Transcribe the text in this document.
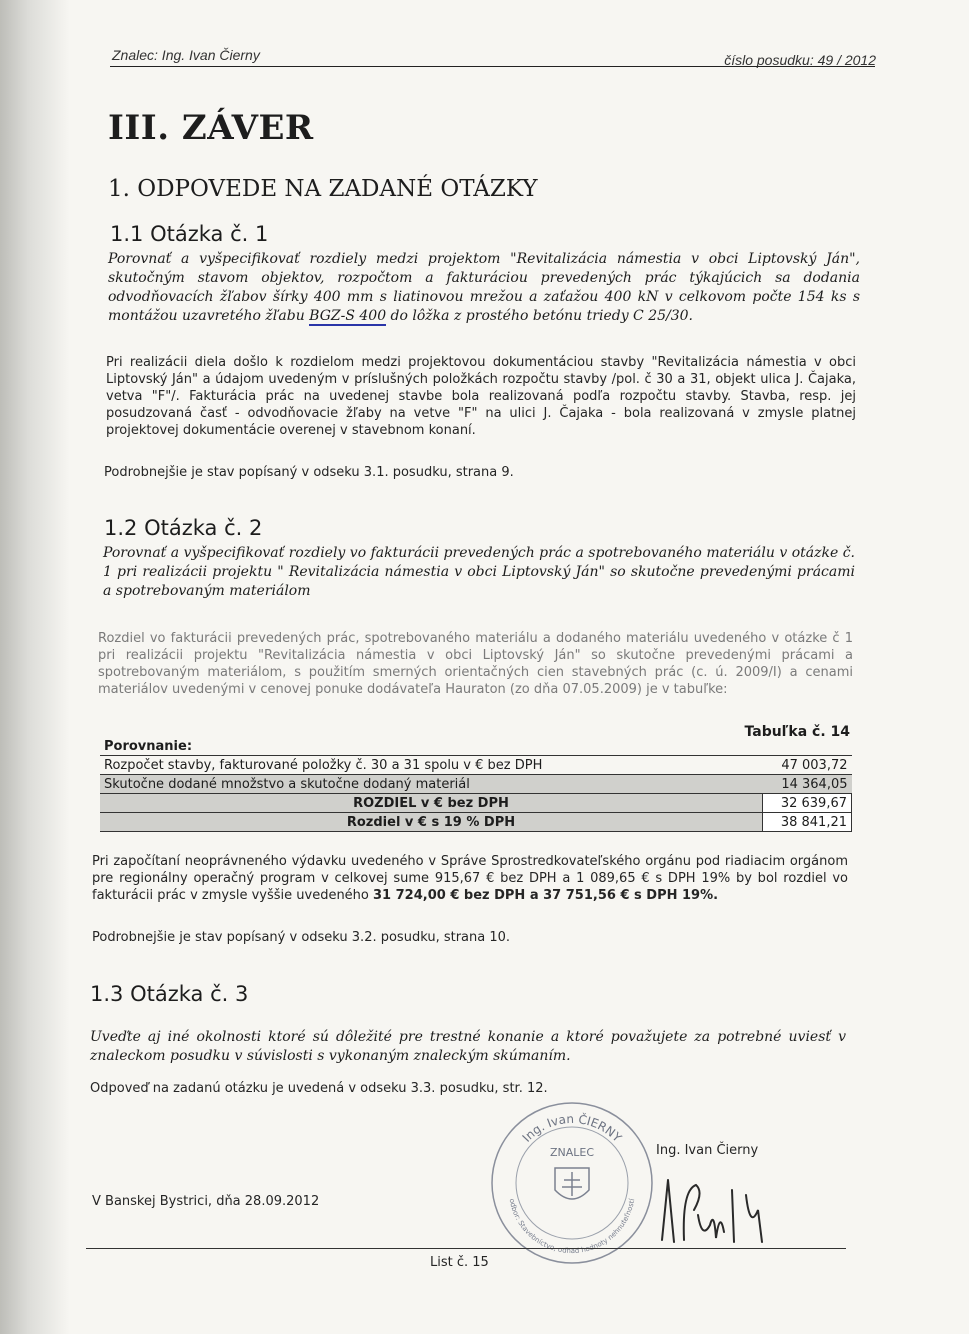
Znalec: Ing. Ivan Čierny	číslo posudku: 49 / 2012
III. ZÁVER
1. ODPOVEDE NA ZADANÉ OTÁZKY
1.1 Otázka č. 1
Porovnať a vyšpecifikovať rozdiely medzi projektom "Revitalizácia námestia v obci Liptovský Ján", skutočným stavom objektov, rozpočtom a fakturáciou prevedených prác týkajúcich sa dodania odvodňovacích žľabov šírky 400 mm s liatinovou mrežou a zaťažou 400 kN v celkovom počte 154 ks s montážou uzavretého žľabu BGZ-S 400 do lôžka z prostého betónu triedy C 25/30.
Pri realizácii diela došlo k rozdielom medzi projektovou dokumentáciou stavby "Revitalizácia námestia v obci Liptovský Ján" a údajom uvedeným v príslušných položkách rozpočtu stavby /pol. č 30 a 31, objekt ulica J. Čajaka, vetva "F"/. Fakturácia prác na uvedenej stavbe bola realizovaná podľa rozpočtu stavby. Stavba, resp. jej posudzovaná časť - odvodňovacie žľaby na vetve "F" na ulici J. Čajaka - bola realizovaná v zmysle platnej projektovej dokumentácie overenej v stavebnom konaní.
Podrobnejšie je stav popísaný v odseku 3.1. posudku, strana 9.
1.2 Otázka č. 2
Porovnať a vyšpecifikovať rozdiely vo fakturácii prevedených prác a spotrebovaného materiálu v otázke č. 1 pri realizácii projektu " Revitalizácia námestia v obci Liptovský Ján" so skutočne prevedenými prácami a spotrebovaným materiálom
Rozdiel vo fakturácii prevedených prác, spotrebovaného materiálu a dodaného materiálu uvedeného v otázke č 1 pri realizácii projektu "Revitalizácia námestia v obci Liptovský Ján" so skutočne prevedenými prácami a spotrebovaným materiálom, s použitím smerných orientačných cien stavebných prác (c. ú. 2009/I) a cenami materiálov uvedenými v cenovej ponuke dodávateľa Hauraton (zo dňa 07.05.2009) je v tabuľke:
Tabuľka č. 14
Porovnanie:	
Rozpočet stavby, fakturované položky č. 30 a 31 spolu v € bez DPH	47 003,72
Skutočne dodané množstvo a skutočne dodaný materiál	14 364,05
ROZDIEL v € bez DPH	32 639,67
Rozdiel v € s 19 % DPH	38 841,21
Pri započítaní neoprávneného výdavku uvedeného v Správe Sprostredkovateľského orgánu pod riadiacim orgánom pre regionálny operačný program v celkovej sume 915,67 € bez DPH a 1 089,65 € s DPH 19% by bol rozdiel vo fakturácii prác v zmysle vyššie uvedeného 31 724,00 € bez DPH a 37 751,56 € s DPH 19%.
Podrobnejšie je stav popísaný v odseku 3.2. posudku, strana 10.
1.3 Otázka č. 3
Uveďte aj iné okolnosti ktoré sú dôležité pre trestné konanie a ktoré považujete za potrebné uviesť v znaleckom posudku v súvislosti s vykonaným znaleckým skúmaním.
Odpoveď na zadanú otázku je uvedená v odseku 3.3. posudku, str. 12.
V Banskej Bystrici, dňa 28.09.2012
Ing. Ivan Čierny
Ing. Ivan ČIERNY
ZNALEC
odbor: Stavebníctvo, odhad hodnoty nehnuteľností
List č. 15
